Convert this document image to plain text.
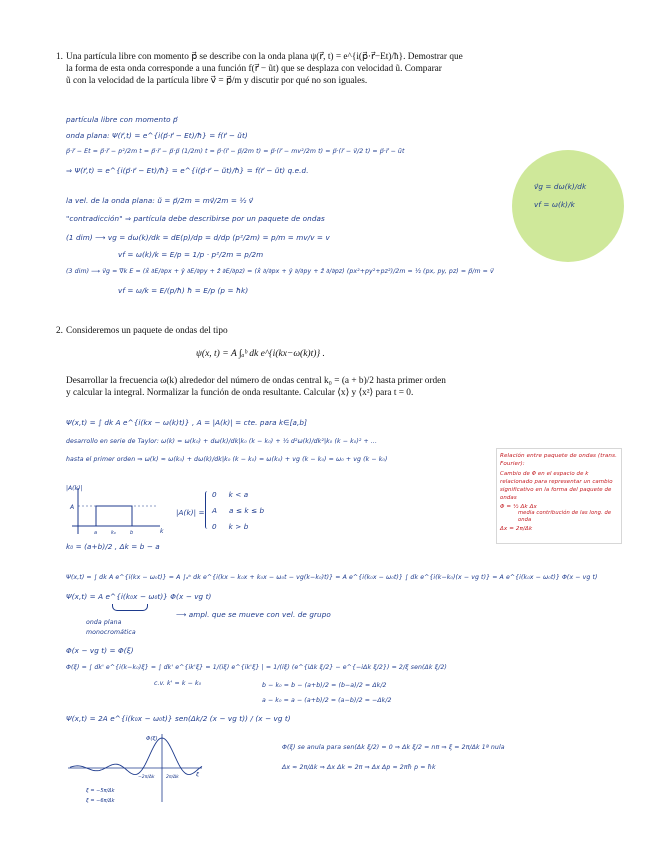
1. Una partícula libre con momento p⃗ se describe con la onda plana ψ(r⃗, t) = e^{i(p⃗·r⃗−Et)/ħ}. Demostrar que
la forma de esta onda corresponde a una función f(r⃗ − ũt) que se desplaza con velocidad ũ. Comparar
ũ con la velocidad de la partícula libre v⃗ = p⃗/m y discutir por qué no son iguales.
partícula libre con momento p⃗
onda plana: Ψ(r⃗,t) = e^{i(p⃗·r⃗ − Et)/ħ} = f(r⃗ − ũt)
p⃗·r⃗ − Et = p⃗·r⃗ − p²/2m t = p⃗·r⃗ − p⃗·p⃗ (1/2m) t = p⃗·(r⃗ − p⃗/2m t) = p⃗·(r⃗ − mv²/2m t) = p⃗·(r⃗ − v⃗/2 t) = p⃗·r⃗ − ũt
⇒ Ψ(r⃗,t) = e^{i(p⃗·r⃗ − Et)/ħ} = e^{i(p⃗·r⃗ − ũt)/ħ} = f(r⃗ − ũt) q.e.d.
la vel. de la onda plana: ũ = p⃗/2m = mv⃗/2m = ½ v⃗
"contradicción" ⇒ partícula debe describirse por un paquete de ondas
(1 dim) ⟶ vg = dω(k)/dk = dE(p)/dp = d/dp (p²/2m) = p/m = mv/v = v
vf = ω(k)/k = E/p = 1/p · p²/2m = p/2m
(3 dim) ⟶ v⃗g = ∇⃗k E = (x̂ ∂E/∂px + ŷ ∂E/∂py + ẑ ∂E/∂pz) = (x̂ ∂/∂px + ŷ ∂/∂py + ẑ ∂/∂pz) (px²+py²+pz²)/2m = ½ (px, py, pz) = p⃗/m = v⃗
vf = ω/k = E/(p/ħ) ħ = E/p (p = ħk)
v⃗g = dω(k)/dk
vf = ω(k)/k
2. Consideremos un paquete de ondas del tipo
ψ(x, t) = A ∫ₐᵇ dk e^{i(kx−ω(k)t)} .
Desarrollar la frecuencia ω(k) alrededor del número de ondas central k₀ = (a + b)/2 hasta primer orden
y calcular la integral. Normalizar la función de onda resultante. Calcular ⟨x⟩ y ⟨x²⟩ para t = 0.
Ψ(x,t) = ∫ dk A e^{i(kx − ω(k)t)} , A = |A(k)| = cte. para k∈[a,b]
desarrollo en serie de Taylor: ω(k) = ω(k₀) + dω(k)/dk|k₀ (k − k₀) + ½ d²ω(k)/dk²|k₀ (k − k₀)² + ...
hasta el primer orden ⇒ ω(k) ≈ ω(k₀) + dω(k)/dk|k₀ (k − k₀) = ω(k₀) + vg (k − k₀) = ω₀ + vg (k − k₀)	Relación entre paquete de ondas (trans. Fourier):
Cambio de Φ en el espacio de k relacionado para representar un cambio significativo en la forma del paquete de ondas
Φ = ½ Δk Δx
media contribución de las long. de onda
Δx = 2π/Δk
|A(k)|
k
A
a	k₀	b
|A(k)| =
0     k < a
A     a ≤ k ≤ b
0     k > b
k₀ = (a+b)/2 , Δk = b − a
Ψ(x,t) = ∫ dk A e^{i(kx − ω₀t)} = A ∫ₐᵇ dk e^{i(kx − k₀x + k₀x − ω₀t − vg(k−k₀)t)} = A e^{i(k₀x − ω₀t)} ∫ dk e^{i(k−k₀)(x − vg t)} = A e^{i(k₀x − ω₀t)} Φ(x − vg t)
Ψ(x,t) = A e^{i(k₀x − ω₀t)} Φ(x − vg t)
onda plana monocromática
⟶ ampl. que se mueve con vel. de grupo
Φ(x − vg t) = Φ(ξ)
Φ(ξ) = ∫ dk' e^{i(k−k₀)ξ} = ∫ dk' e^{ik'ξ} = 1/(iξ) e^{ik'ξ} | = 1/(iξ) (e^{iΔk ξ/2} − e^{−iΔk ξ/2}) = 2/ξ sen(Δk ξ/2)
c.v. k' = k − k₀	b − k₀ = b − (a+b)/2 = (b−a)/2 = Δk/2
a − k₀ = a − (a+b)/2 = (a−b)/2 = −Δk/2
Ψ(x,t) = 2A e^{i(k₀x − ω₀t)} sen(Δk/2 (x − vg t)) / (x − vg t)
Φ(ξ)
ξ
−2π/Δk	2π/Δk
ξ = −5π/Δk
ξ = −6π/Δk
Φ(ξ) se anula para sen(Δk ξ/2) = 0 ⇒ Δk ξ/2 = nπ ⇒ ξ = 2π/Δk 1ª nula
Δx ≈ 2π/Δk ⇒ Δx Δk ≈ 2π ⇒ Δx Δp ≈ 2πħ p = ħk
